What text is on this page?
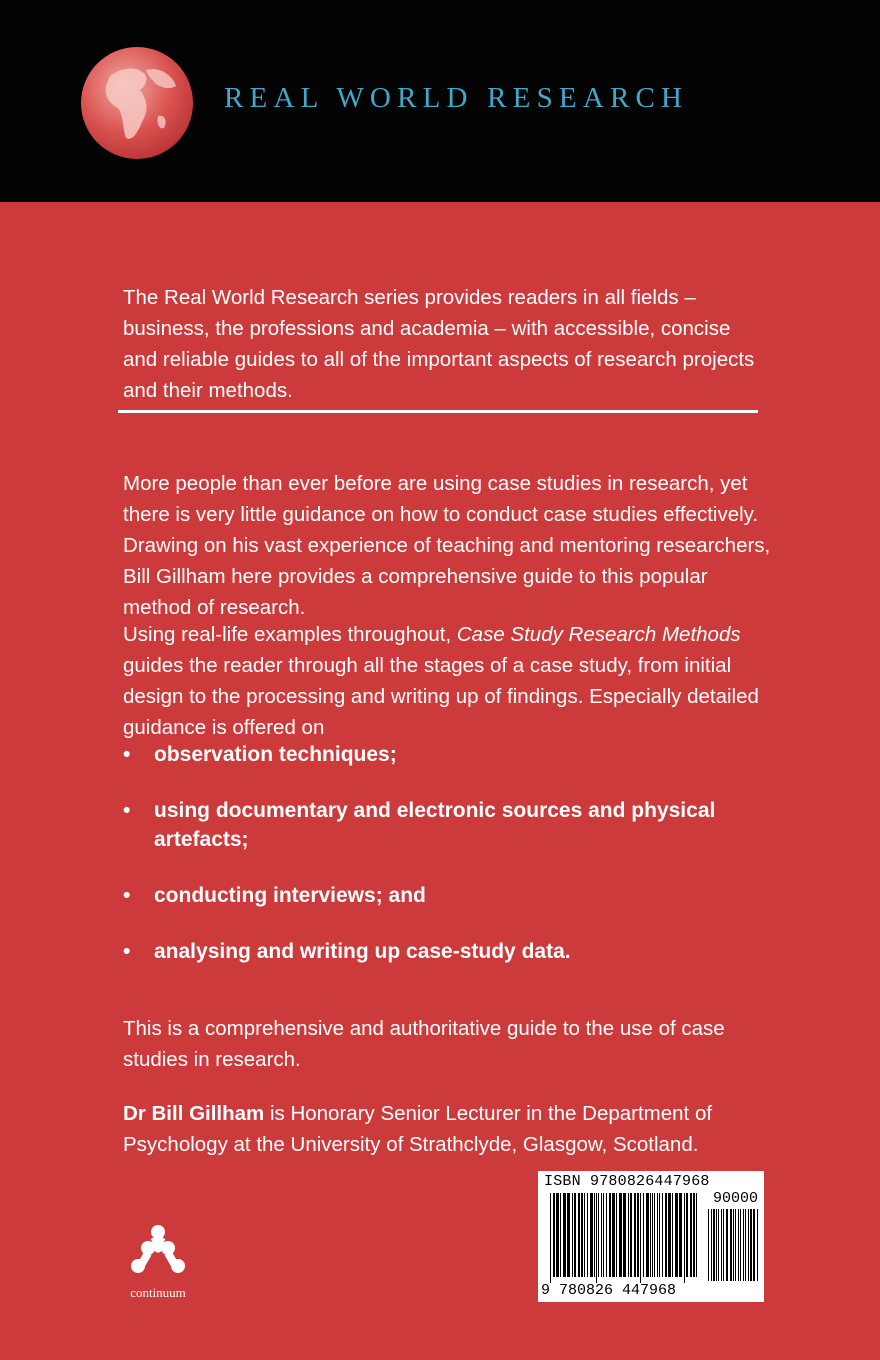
REAL WORLD RESEARCH

The Real World Research series provides readers in all fields – business, the professions and academia – with accessible, concise and reliable guides to all of the important aspects of research projects and their methods.

More people than ever before are using case studies in research, yet there is very little guidance on how to conduct case studies effectively. Drawing on his vast experience of teaching and mentoring researchers, Bill Gillham here provides a comprehensive guide to this popular method of research.

Using real-life examples throughout, Case Study Research Methods guides the reader through all the stages of a case study, from initial design to the processing and writing up of findings. Especially detailed guidance is offered on

• observation techniques;
• using documentary and electronic sources and physical artefacts;
• conducting interviews; and
• analysing and writing up case-study data.

This is a comprehensive and authoritative guide to the use of case studies in research.

Dr Bill Gillham is Honorary Senior Lecturer in the Department of Psychology at the University of Strathclyde, Glasgow, Scotland.

ISBN 9780826447968
90000
9 780826 447968
continuum
